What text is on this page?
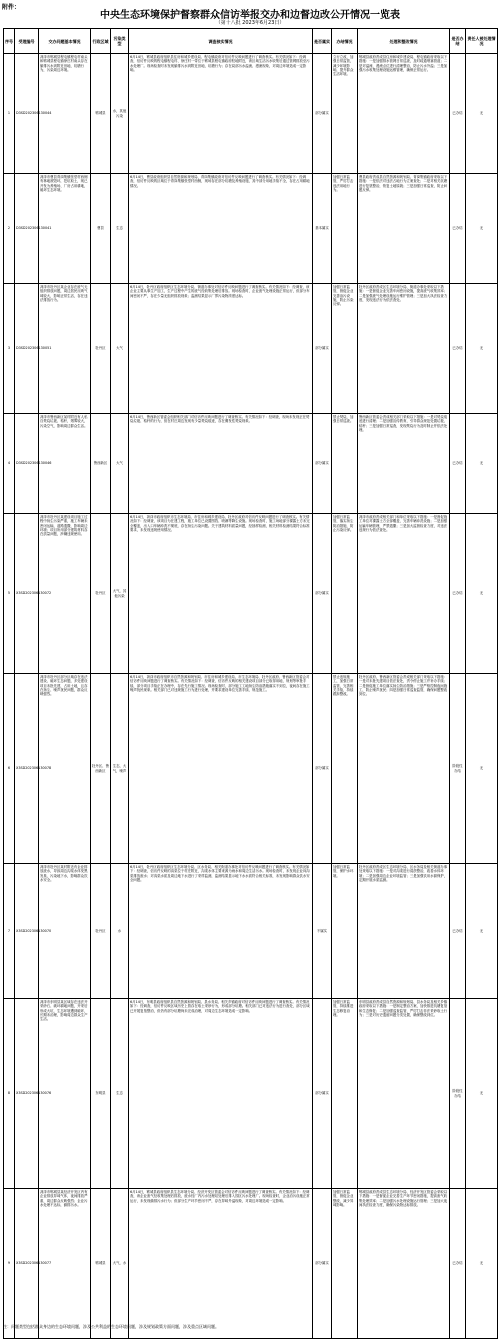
附件：
中央生态环境保护督察群众信访举报交办和边督边改公开情况一览表
（第十八批 2023年6月23日）
序号	受理编号	交办问题基本情况	行政区域	污染类型	调查核实情况	是否属实	办结情况	处理和整改情况	是否办结	责任人被处理情况
1	D3SD202306130044	菏泽市郓城县程屯镇程屯村南头和郓城县程屯镇徐庄村南头存在偷排污水到附近田地、坑塘行为，污染周边环境。	郓城县	水，其他污染	6月14日，郓城县政府组织县住房和城乡建设局、程屯镇政府对信访件反映问题进行了调查核实。有关情况如下：经调查，信访件反映的程屯镇程屯村、徐庄村一带位于郓城县程屯镇政府驻地附近，该区域生活污水收集后通过管网排放至污水处理厂。现场检查时未发现偷排污水到附近田地、坑塘行为；存在局部污水溢流、漫流现象，对周边环境造成一定影响。	部分属实	立行立改，加强日常监管，减少环境影响，提升群众生活环境。	郓城县政府责成县住房和城乡建设局、程屯镇政府采取以下措施：一是加强排水管网日常巡查，及时疏通堵塞管道；二是对溢流、漫流点位进行清理整治，防止污水外溢；三是加强污水收集处理设施运维管理，确保正常运行。	已办结	无
2	D3SD202306130041	菏泽市曹县青岗集镇张堂村西侧有林地被毁坏，挖坑取土，现已开发为养殖场、厂房占用耕地，破坏生态环境。	曹县	生态	6月14日，曹县政府组织县自然资源和规划局、青岗集镇政府对信访件反映问题进行了调查核实。有关情况如下：经调查，信访件反映的区域位于青岗集镇张堂村西侧，现场存在部分坑塘及养殖设施，其中部分用地手续不全，存在占用耕地情况。	基本属实	加强日常监管，严厉打击违法用地行为。	曹县政府责成县自然资源和规划局、青岗集镇政府采取以下措施：一是依法对违法占地行为立案查处；二是对相关坑塘进行复垦整治，恢复土地原貌；三是加强日常巡查，防止问题反弹。	已办结	无
3	D3SD202306130051	菏泽市牡丹区某企业存在废气无组织排放问题，周边居民反映气味较大，影响正常生活，存在违法排放行为。	牡丹区	大气	6月14日，牡丹区政府组织区生态环境分局、街道办事处对信访件反映问题进行了调查核实。有关情况如下：经调查，该企业主要从事生产加工，生产过程中产生的废气经收集处理后排放。现场检查时，企业废气处理设施正常运行，但部分车间密闭不严，存在少量无组织排放现象；监测结果显示厂界污染物浓度达标。	部分属实	加强日常监管，督促企业完善治污设施，防止污染反弹。	牡丹区政府责成区生态环境分局、街道办事处采取以下措施：一是督促企业完善车间密闭设施，提高废气收集效率；二是加强废气处理设施运行维护管理；三是加大执法检查力度，发现违法行为依法查处。	已办结	无
4	D3SD202306130046	菏泽市鲁西新区某村附近有人私自焚烧垃圾、秸秆，烟雾较大，污染空气，影响周边群众生活。	鲁西新区	大气	6月14日，鲁西新区管委会组织相关部门对信访件反映问题进行了调查核实。有关情况如下：经调查，现场未发现正在焚烧垃圾、秸秆的行为，但在村庄周边发现有少量焚烧痕迹，存在偶发性焚烧现象。	部分属实	禁止焚烧，加强日常巡查。	鲁西新区管委会责成相关部门采取以下措施：一是对焚烧痕迹进行清理；二是加强宣传教育，引导群众规范处置垃圾、秸秆；三是加强日常巡查，发现焚烧行为及时制止并依法处理。	已办结	无
5	X3SD202306130072	菏泽市牡丹区某建设项目施工过程中扬尘污染严重，施工车辆未密闭运输，道路遗撒，影响周边环境；项目所用部分建筑材料存在质量问题，涉嫌违规使用。	牡丹区	大气，其他污染	6月14日，菏泽市政府组织市生态环境局、市住房和城乡建设局、牡丹区政府对信访件反映问题进行了调查核实。有关情况如下：经调查，该项目为在建工程，施工单位已设置围挡、喷淋等降尘设施。现场检查时，施工场地部分裸露土方未完全覆盖，出入口车辆冲洗不彻底，存在扬尘污染问题。关于建筑材料质量问题，经抽样检测，相关材料检测结果符合标准要求，未发现违规使用情况。	部分属实	加强日常监管，落实扬尘防治措施，防止污染反弹。	菏泽市政府责成相关部门和单位采取以下措施：一是督促施工单位对裸露土方全部覆盖，完善车辆冲洗设施；二是加强运输车辆管理，严禁遗撒；三是加大监督检查力度，对违法违规行为依法查处。	已办结	无
6	X3SD202306130078	菏泽市牡丹区部分区域存在违法建设、破坏生态问题，多处建设项目未批先建，占用土地，且存在扬尘、噪声扰民问题，群众反映强烈。	牡丹区、鲁西新区	生态，大气，噪声	6月14日，菏泽市政府组织市自然资源和规划局、市住房和城乡建设局、市生态环境局、牡丹区政府、鲁西新区管委会对信访件反映问题进行了调查核实。有关情况如下：经调查，信访件反映的相关建设项目部分已取得用地、规划等审批手续，部分项目手续正在办理中，存在先行施工情况。现场检查时，部分施工工地扬尘防治措施落实不到位，夜间存在施工噪声扰民现象。相关部门已对违规施工行为进行处理，并要求建设单位完善手续、规范施工。	部分属实	禁止违规施工，加强日常监管，完善相关手续，持续跟踪整改。	牡丹区政府、鲁西新区管委会责成相关部门采取以下措施：一是对未批先建项目依法查处，责令停止施工并补办手续；二是督促施工单位落实扬尘防治措施；三是严格控制夜间施工，防止噪声扰民；四是加强日常巡查监管，确保问题整改到位。	阶段性办结	无
7	X3SD202306130070	菏泽市牡丹区某村附近有企业排放废水，导致周边沟渠水体发黑发臭，污染地下水，影响群众饮水安全。	牡丹区	水	6月14日，牡丹区政府组织区生态环境分局、区水务局、相关街道办事处对信访件反映问题进行了调查核实。有关情况如下：经调查，信访件反映的沟渠位于村庄附近，沟渠水体主要来源为雨水和周边生活污水。现场检查时，未发现企业向沟渠排放废水；对沟渠水质及周边地下水进行了采样监测，监测结果显示地下水水质符合相关标准，未发现影响群众饮水安全问题。	不属实	加强日常监管，保护水环境。	牡丹区政府责成区生态环境分局、区水务局及相关街道办事处采取以下措施：一是对沟渠进行清淤整治，改善水体环境；二是加强周边企业环境监管；三是加强饮用水源保护，定期开展水质监测。	已办结	无
8	X3SD202306130076	菏泽市东明县某区域存在违法开采砂石、破坏耕地问题，开采后形成大坑，生态环境遭到破坏，长期未治理，影响周边群众生产生活。	东明县	生态	6月14日，东明县政府组织县自然资源和规划局、县水务局、相关乡镇政府对信访件反映问题进行了调查核实。有关情况如下：经调查，信访件反映区域历史上曾存在取土采砂行为，形成部分坑塘。相关部门已对违法行为进行查处，部分区域已开展复垦整治，但仍有部分坑塘尚未完成治理，对周边生态环境造成一定影响。	部分属实	加强日常监管，持续推进生态修复治理。	东明县政府责成县自然资源和规划局、县水务局及相关乡镇政府采取以下措施：一是制定整治方案，加快推进坑塘复垦和生态修复；二是加强巡查监管，严厉打击非法采砂取土行为；三是对历史遗留问题分类处置，确保整改到位。	阶段性办结	无
9	X3SD202306130077	菏泽市郓城县某经济开发区内有企业排放异味气体，夜间排放严重，周边群众反映强烈；企业污水处理不达标，偷排污水。	郓城县	大气，水	6月14日，郓城县政府组织县生态环境分局、经济开发区管委会对信访件反映问题进行了调查核实。有关情况如下：经调查，该企业废气经收集处理后排放，废水经厂内污水处理站处理后排入园区污水处理厂。现场检查时，企业治污设施正常运行，未发现偷排污水行为；但部分生产环节密闭不严，存在异味外溢现象，对周边环境造成一定影响。	部分属实	加强日常监管，督促企业整改，减少异味影响。	郓城县政府责成县生态环境分局、经济开发区管委会采取以下措施：一是督促企业完善生产环节密闭措施，提高废气收集处理效率；二是加强污水处理设施运行管理；三是加大夜间执法检查力度，确保污染物达标排放。	已办结	无
注：问题类型包括群众身边的生态环境问题，涉及公共利益的生态环境问题，涉及规划政策方面问题，涉及重点区域问题。
